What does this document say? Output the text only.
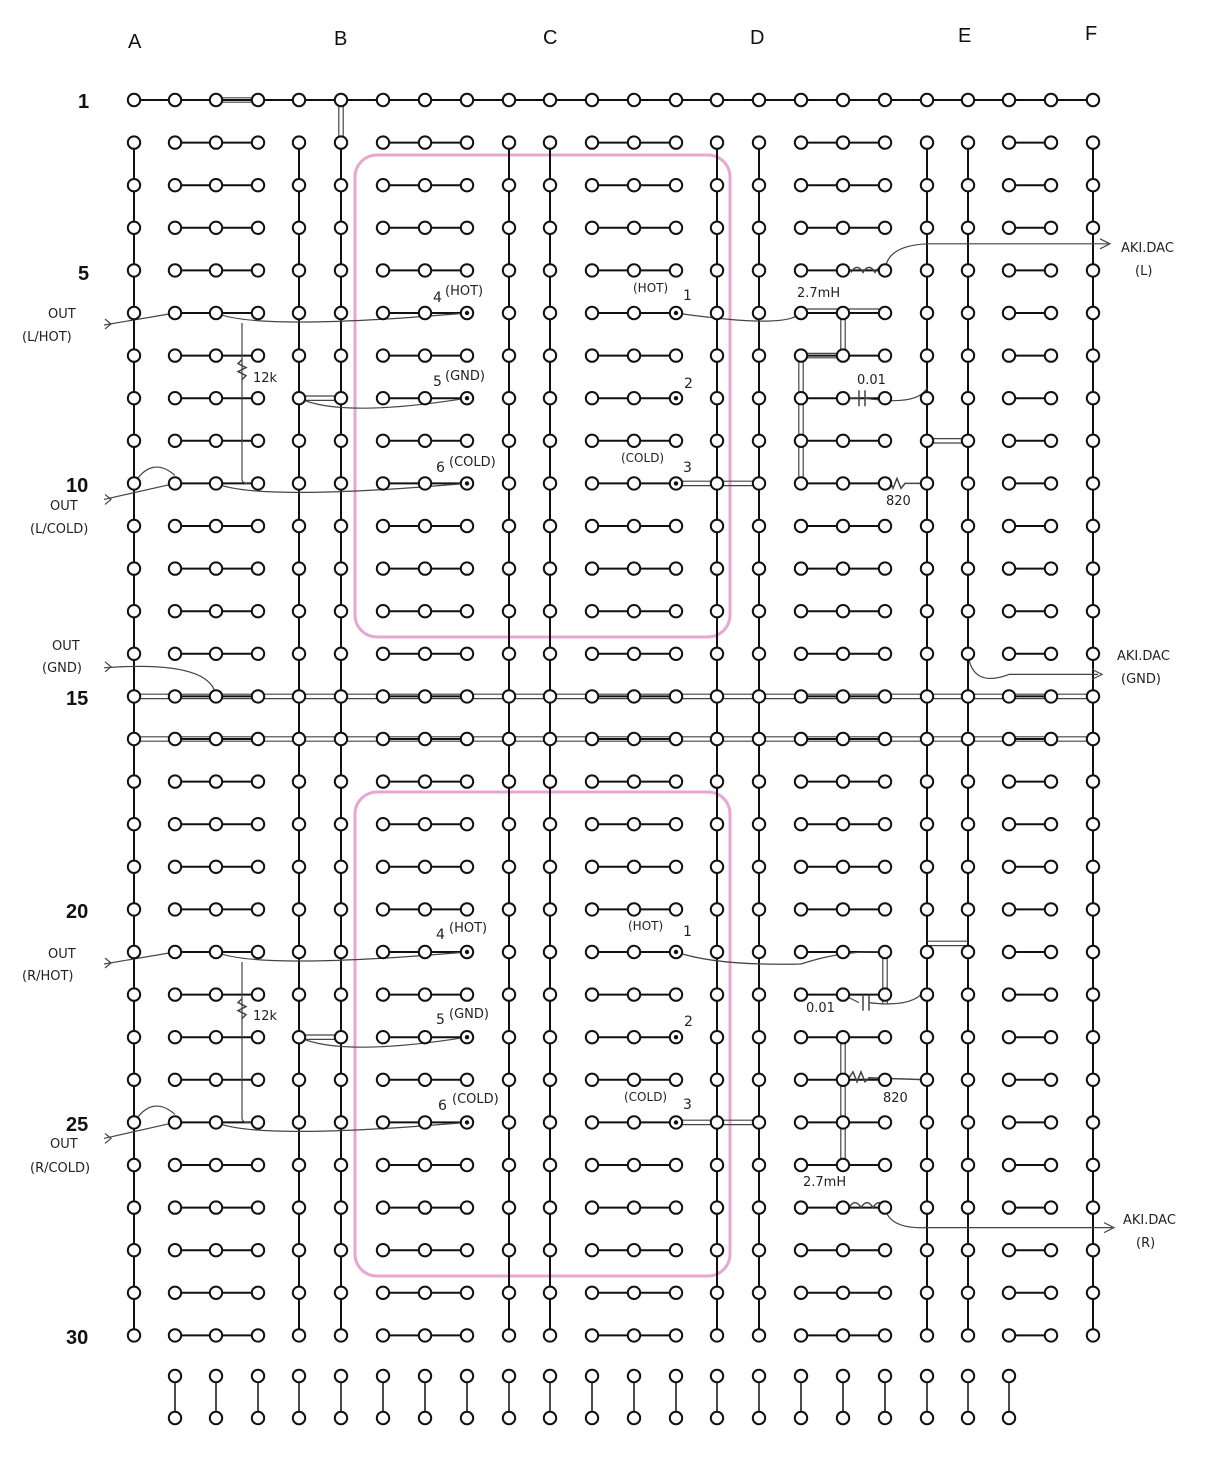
A	B	C	D	E	F
1
5
10
15
20
25
30
OUT
(L/HOT)
OUT
(L/COLD)
OUT
(GND)
4 (HOT)
5 (GND)
6 (COLD)
(HOT) 1
2
(COLD)
3
12k
2.7mH
0.01
820
AKI.DAC
(L)
AKI.DAC
(GND)
OUT
(R/HOT)
OUT
(R/COLD)
4 (HOT)
5 (GND)
6 (COLD)
(HOT) 1
2
(COLD) 3
12k
0.01
820
2.7mH
AKI.DAC
(R)
